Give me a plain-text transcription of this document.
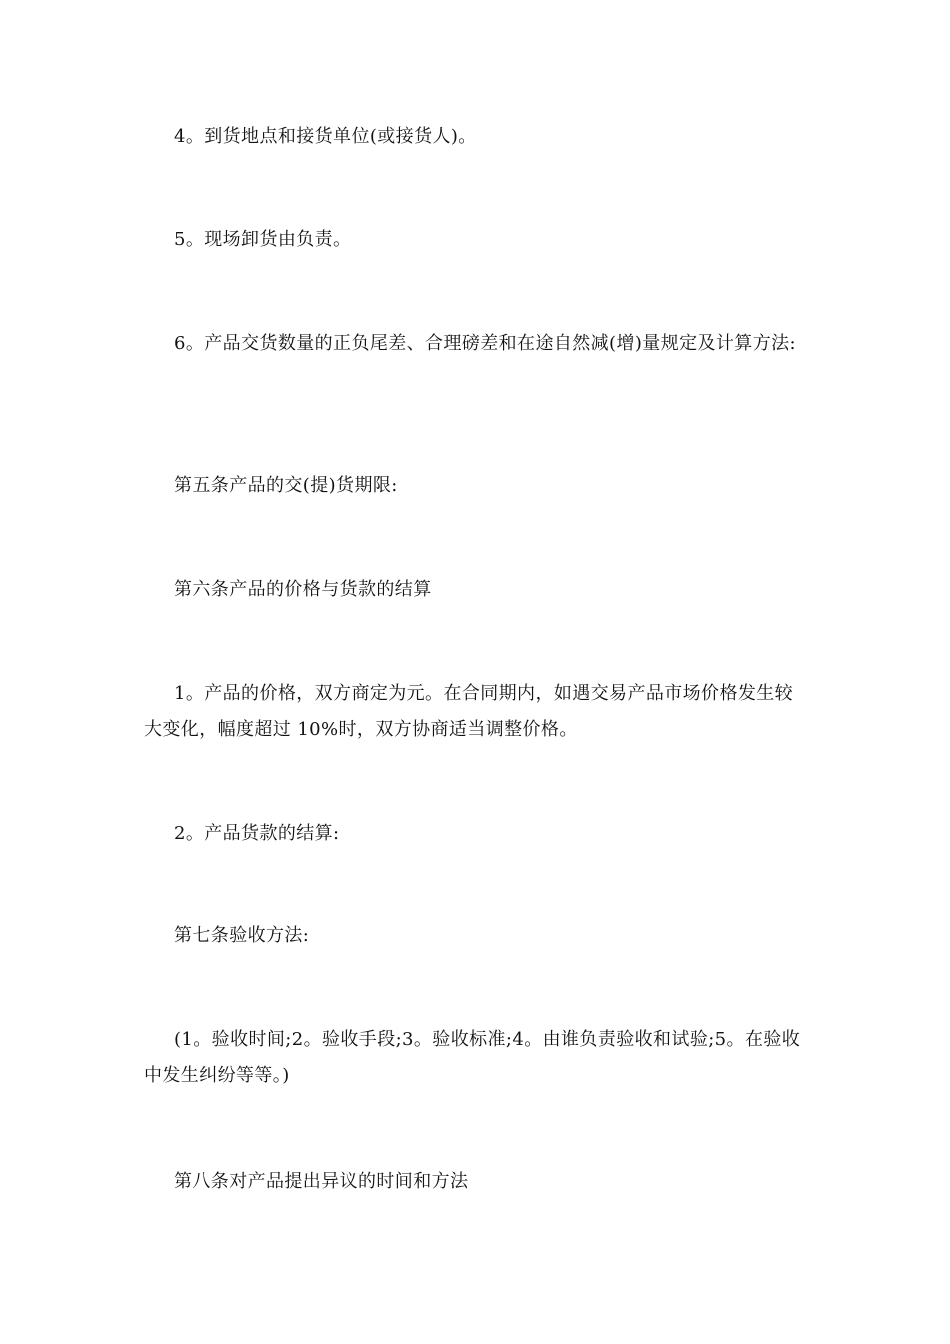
4。到货地点和接货单位(或接货人)。

5。现场卸货由负责。

6。产品交货数量的正负尾差、合理磅差和在途自然减(增)量规定及计算方法:

第五条产品的交(提)货期限:

第六条产品的价格与货款的结算

1。产品的价格，双方商定为元。在合同期内，如遇交易产品市场价格发生较大变化，幅度超过 10%时，双方协商适当调整价格。

2。产品货款的结算:

第七条验收方法:

(1。验收时间;2。验收手段;3。验收标准;4。由谁负责验收和试验;5。在验收中发生纠纷等等。)

第八条对产品提出异议的时间和方法
